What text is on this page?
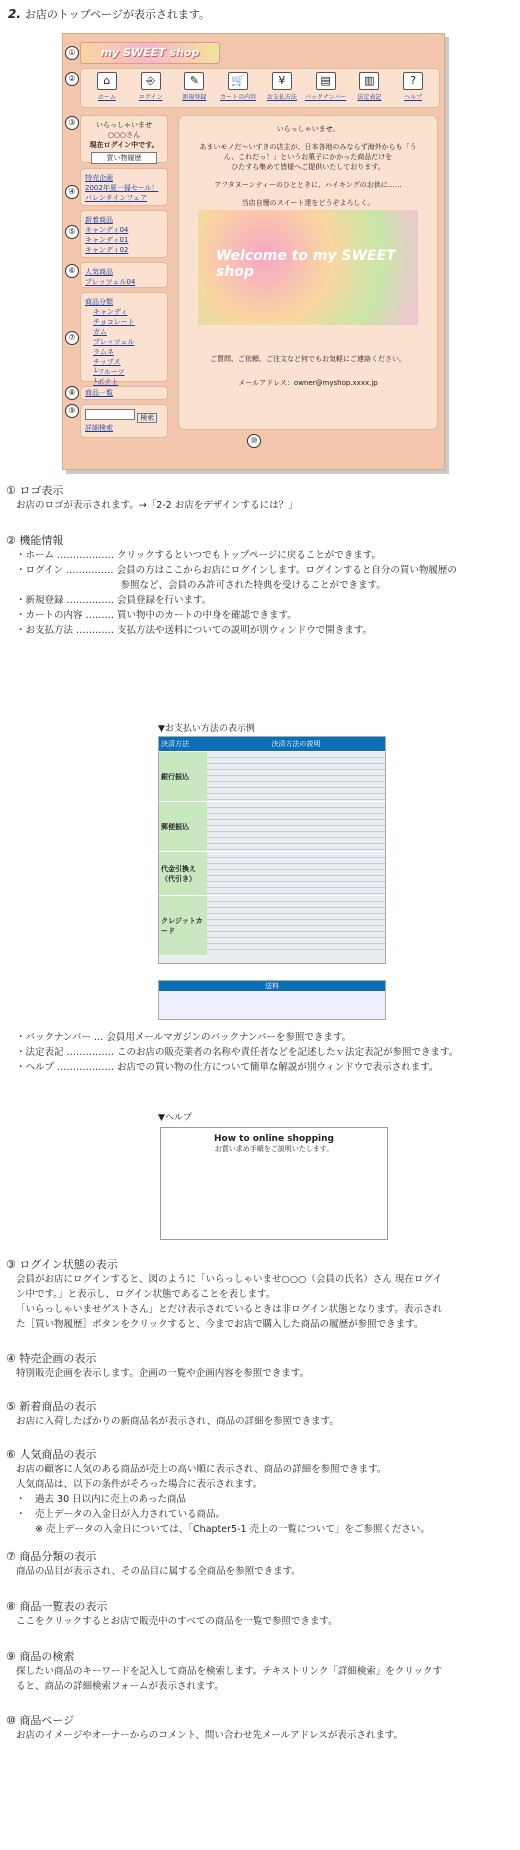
2. お店のトップページが表示されます。
my SWEET shop
⌂
ホーム
⎆
ログイン
✎
新規登録
🛒
カートの内容
¥
お支払方法
▤
バックナンバー
▥
法定表記
?
ヘルプ
いらっしゃいませ
○○○さん
現在ログイン中です。
買い物履歴
特売企画
2002年夏一掃セール！
バレンタインフェア
新着商品
キャンディ04
キャンディ01
キャンディ02
人気商品
プレッツェル04
商品分類
キャンディ
チョコレート
ガム
プレッツェル
ラムネ
チップス
└フルーツ
└ポテト
商品一覧
検索
詳細検索
いらっしゃいませ。

あまいモノだ～いすきの店主が、日本各地のみならず海外からも「うん、これだっ！」というお菓子にかかった商品だけを
ひたすら集めて皆様へご提供いたしております。

アフタヌーンティーのひとときに、ハイキングのお供に……

当店自慢のスイート達をどうぞよろしく。
ご質問、ご依頼、ご注文など何でもお気軽にご連絡ください。
メールアドレス：owner@myshop.xxxx.jp
Welcome to my SWEET shop
①
②
③
④
⑤
⑥
⑦
⑧
⑨
⑩
① ロゴ表示
お店のロゴが表示されます。→「2-2 お店をデザインするには？」
② 機能情報
・ホーム ……………… クリックするといつでもトップページに戻ることができます。
・ログイン …………… 会員の方はここからお店にログインします。ログインすると自分の買い物履歴の
　　　　　　　　　　　参照など、会員のみ許可された特典を受けることができます。
・新規登録 …………… 会員登録を行います。
・カートの内容 ……… 買い物中のカートの中身を確認できます。
・お支払方法 ………… 支払方法や送料についての説明が別ウィンドウで開きます。
▼お支払い方法の表示例
決済方法	決済方法の説明
銀行振込
郵便振込
代金引換え（代引き）
クレジットカード
送料
・バックナンバー … 会員用メールマガジンのバックナンバーを参照できます。
・法定表記 …………… このお店の販売業者の名称や責任者などを記述したｖ法定表記が参照できます。
・ヘルプ ……………… お店での買い物の仕方について簡単な解説が別ウィンドウで表示されます。
▼ヘルプ
How to online shopping
お買い求め手順をご説明いたします。
③ ログイン状態の表示
会員がお店にログインすると、図のように「いらっしゃいませ○○○（会員の氏名）さん 現在ログイ
ン中です。」と表示し、ログイン状態であることを表します。
「いらっしゃいませゲストさん」とだけ表示されているときは非ログイン状態となります。表示され
た［買い物履歴］ボタンをクリックすると、今までお店で購入した商品の履歴が参照できます。
④ 特売企画の表示
特別販売企画を表示します。企画の一覧や企画内容を参照できます。
⑤ 新着商品の表示
お店に入荷したばかりの新商品名が表示され、商品の詳細を参照できます。
⑥ 人気商品の表示
お店の顧客に人気のある商品が売上の高い順に表示され、商品の詳細を参照できます。
人気商品は、以下の条件がそろった場合に表示されます。
・　過去 30 日以内に売上のあった商品
・　売上データの入金日が入力されている商品。
　　※ 売上データの入金日については、「Chapter5-1 売上の一覧について」をご参照ください。
⑦ 商品分類の表示
商品の品目が表示され、その品目に属する全商品を参照できます。
⑧ 商品一覧表の表示
ここをクリックするとお店で販売中のすべての商品を一覧で参照できます。
⑨ 商品の検索
探したい商品のキーワードを記入して商品を検索します。テキストリンク「詳細検索」をクリックす
ると、商品の詳細検索フォームが表示されます。
⑩ 商品ページ
お店のイメージやオーナーからのコメント、問い合わせ先メールアドレスが表示されます。
